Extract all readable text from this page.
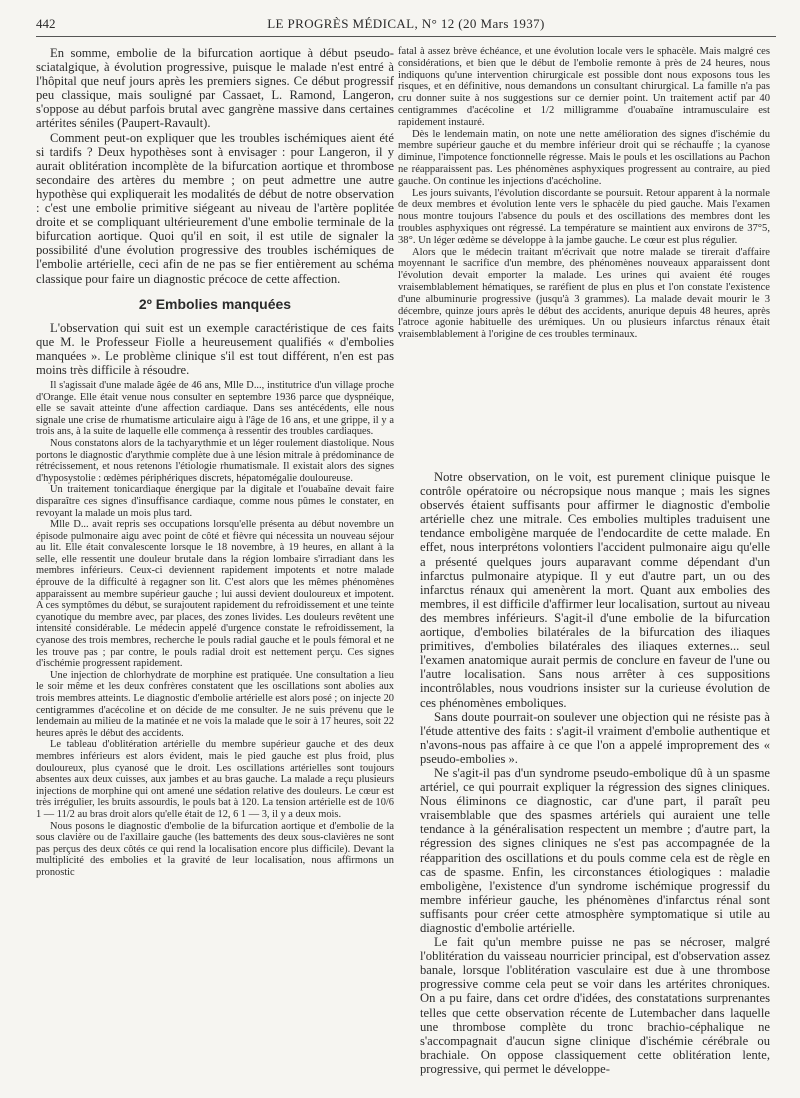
442	LE PROGRÈS MÉDICAL, N° 12 (20 Mars 1937)

En somme, embolie de la bifurcation aortique à début pseudo-sciatalgique, à évolution progressive, puisque le malade n'est entré à l'hôpital que neuf jours après les premiers signes. Ce début progressif peu classique, mais souligné par Cassaet, L. Ramond, Langeron, s'oppose au début parfois brutal avec gangrène massive dans certaines artérites séniles (Paupert-Ravault).

Comment peut-on expliquer que les troubles ischémiques aient été si tardifs ? Deux hypothèses sont à envisager : pour Langeron, il y aurait oblitération incomplète de la bifurcation aortique et thrombose secondaire des artères du membre ; on peut admettre une autre hypothèse qui expliquerait les modalités de début de notre observation : c'est une embolie primitive siégeant au niveau de l'artère poplitée droite et se compliquant ultérieurement d'une embolie terminale de la bifurcation aortique. Quoi qu'il en soit, il est utile de signaler la possibilité d'une évolution progressive des troubles ischémiques de l'embolie artérielle, ceci afin de ne pas se fier entièrement au schéma classique pour faire un diagnostic précoce de cette affection.

2º Embolies manquées

L'observation qui suit est un exemple caractéristique de ces faits que M. le Professeur Fiolle a heureusement qualifiés « d'embolies manquées ». Le problème clinique s'il est tout différent, n'en est pas moins très difficile à résoudre.

Il s'agissait d'une malade âgée de 46 ans, Mlle D..., institutrice d'un village proche d'Orange. Elle était venue nous consulter en septembre 1936 parce que dyspnéique, elle se savait atteinte d'une affection cardiaque. Dans ses antécédents, elle nous signale une crise de rhumatisme articulaire aigu à l'âge de 16 ans, et une grippe, il y a trois ans, à la suite de laquelle elle commença à ressentir des troubles cardiaques.

Nous constatons alors de la tachyarythmie et un léger roulement diastolique. Nous portons le diagnostic d'arythmie complète due à une lésion mitrale à prédominance de rétrécissement, et nous retenons l'étiologie rhumatismale. Il existait alors des signes d'hyposystolie : œdèmes périphériques discrets, hépatomégalie douloureuse.

Un traitement tonicardiaque énergique par la digitale et l'ouabaïne devait faire disparaître ces signes d'insuffisance cardiaque, comme nous pûmes le constater, en revoyant la malade un mois plus tard.

Mlle D... avait repris ses occupations lorsqu'elle présenta au début novembre un épisode pulmonaire aigu avec point de côté et fièvre qui nécessita un nouveau séjour au lit. Elle était convalescente lorsque le 18 novembre, à 19 heures, en allant à la selle, elle ressentit une douleur brutale dans la région lombaire s'irradiant dans les membres inférieurs. Ceux-ci deviennent rapidement impotents et notre malade éprouve de la difficulté à regagner son lit. C'est alors que les mêmes phénomènes apparaissent au membre supérieur gauche ; lui aussi devient douloureux et impotent. A ces symptômes du début, se surajoutent rapidement du refroidissement et une teinte cyanotique du membre avec, par places, des zones livides. Les douleurs revêtent une intensité considérable. Le médecin appelé d'urgence constate le refroidissement, la cyanose des trois membres, recherche le pouls radial gauche et le pouls fémoral et ne les trouve pas ; par contre, le pouls radial droit est nettement perçu. Ces signes d'ischémie progressent rapidement.

Une injection de chlorhydrate de morphine est pratiquée. Une consultation a lieu le soir même et les deux confrères constatent que les oscillations sont abolies aux trois membres atteints. Le diagnostic d'embolie artérielle est alors posé ; on injecte 20 centigrammes d'acécoline et on décide de me consulter. Je ne suis prévenu que le lendemain au milieu de la matinée et ne vois la malade que le soir à 17 heures, soit 22 heures après le début des accidents.

Le tableau d'oblitération artérielle du membre supérieur gauche et des deux membres inférieurs est alors évident, mais le pied gauche est plus froid, plus douloureux, plus cyanosé que le droit. Les oscillations artérielles sont toujours absentes aux deux cuisses, aux jambes et au bras gauche. La malade a reçu plusieurs injections de morphine qui ont amené une sédation relative des douleurs. Le cœur est très irrégulier, les bruits assourdis, le pouls bat à 120. La tension artérielle est de 10/6 1 — 11/2 au bras droit alors qu'elle était de 12, 6 1 — 3, il y a deux mois.

Nous posons le diagnostic d'embolie de la bifurcation aortique et d'embolie de la sous clavière ou de l'axillaire gauche (les battements des deux sous-clavières ne sont pas perçus des deux côtés ce qui rend la localisation encore plus difficile). Devant la multiplicité des embolies et la gravité de leur localisation, nous affirmons un pronostic

fatal à assez brève échéance, et une évolution locale vers le sphacèle. Mais malgré ces considérations, et bien que le début de l'embolie remonte à près de 24 heures, nous indiquons qu'une intervention chirurgicale est possible dont nous exposons tous les risques, et en définitive, nous demandons un consultant chirurgical. La famille n'a pas cru donner suite à nos suggestions sur ce dernier point. Un traitement actif par 40 centigrammes d'acécoline et 1/2 milligramme d'ouabaïne intramusculaire est rapidement instauré.

Dès le lendemain matin, on note une nette amélioration des signes d'ischémie du membre supérieur gauche et du membre inférieur droit qui se réchauffe ; la cyanose diminue, l'impotence fonctionnelle régresse. Mais le pouls et les oscillations au Pachon ne réapparaissent pas. Les phénomènes asphyxiques progressent au contraire, au pied gauche. On continue les injections d'acécholine.

Les jours suivants, l'évolution discordante se poursuit. Retour apparent à la normale de deux membres et évolution lente vers le sphacèle du pied gauche. Mais l'examen nous montre toujours l'absence du pouls et des oscillations des membres dont les troubles asphyxiques ont régressé. La température se maintient aux environs de 37°5, 38°. Un léger œdème se développe à la jambe gauche. Le cœur est plus régulier.

Alors que le médecin traitant m'écrivait que notre malade se tirerait d'affaire moyennant le sacrifice d'un membre, des phénomènes nouveaux apparaissent dont l'évolution devait emporter la malade. Les urines qui avaient été rouges vraisemblablement hématiques, se raréfient de plus en plus et l'on constate l'existence d'une albuminurie progressive (jusqu'à 3 grammes). La malade devait mourir le 3 décembre, quinze jours après le début des accidents, anurique depuis 48 heures, après l'atroce agonie habituelle des urémiques. Un ou plusieurs infarctus rénaux était vraisemblablement à l'origine de ces troubles terminaux.

Notre observation, on le voit, est purement clinique puisque le contrôle opératoire ou nécropsique nous manque ; mais les signes observés étaient suffisants pour affirmer le diagnostic d'embolie artérielle chez une mitrale. Ces embolies multiples traduisent une tendance emboligène marquée de l'endocardite de cette malade. En effet, nous interprétons volontiers l'accident pulmonaire aigu qu'elle a présenté quelques jours auparavant comme dépendant d'un infarctus pulmonaire atypique. Il y eut d'autre part, un ou des infarctus rénaux qui amenèrent la mort. Quant aux embolies des membres, il est difficile d'affirmer leur localisation, surtout au niveau des membres inférieurs. S'agit-il d'une embolie de la bifurcation aortique, d'embolies bilatérales de la bifurcation des iliaques primitives, d'embolies bilatérales des iliaques externes... seul l'examen anatomique aurait permis de conclure en faveur de l'une ou l'autre localisation. Sans nous arrêter à ces suppositions incontrôlables, nous voudrions insister sur la curieuse évolution de ces phénomènes emboliques.

Sans doute pourrait-on soulever une objection qui ne résiste pas à l'étude attentive des faits : s'agit-il vraiment d'embolie authentique et n'avons-nous pas affaire à ce que l'on a appelé improprement des « pseudo-embolies ».

Ne s'agit-il pas d'un syndrome pseudo-embolique dû à un spasme artériel, ce qui pourrait expliquer la régression des signes cliniques. Nous éliminons ce diagnostic, car d'une part, il paraît peu vraisemblable que des spasmes artériels qui auraient une telle tendance à la généralisation respectent un membre ; d'autre part, la régression des signes cliniques ne s'est pas accompagnée de la réapparition des oscillations et du pouls comme cela est de règle en cas de spasme. Enfin, les circonstances étiologiques : maladie emboligène, l'existence d'un syndrome ischémique progressif du membre inférieur gauche, les phénomènes d'infarctus rénal sont suffisants pour créer cette atmosphère symptomatique si utile au diagnostic d'embolie artérielle.

Le fait qu'un membre puisse ne pas se nécroser, malgré l'oblitération du vaisseau nourricier principal, est d'observation assez banale, lorsque l'oblitération vasculaire est due à une thrombose progressive comme cela peut se voir dans les artérites chroniques. On a pu faire, dans cet ordre d'idées, des constatations surprenantes telles que cette observation récente de Lutembacher dans laquelle une thrombose complète du tronc brachio-céphalique ne s'accompagnait d'aucun signe clinique d'ischémie cérébrale ou brachiale. On oppose classiquement cette oblitération lente, progressive, qui permet le développe-
